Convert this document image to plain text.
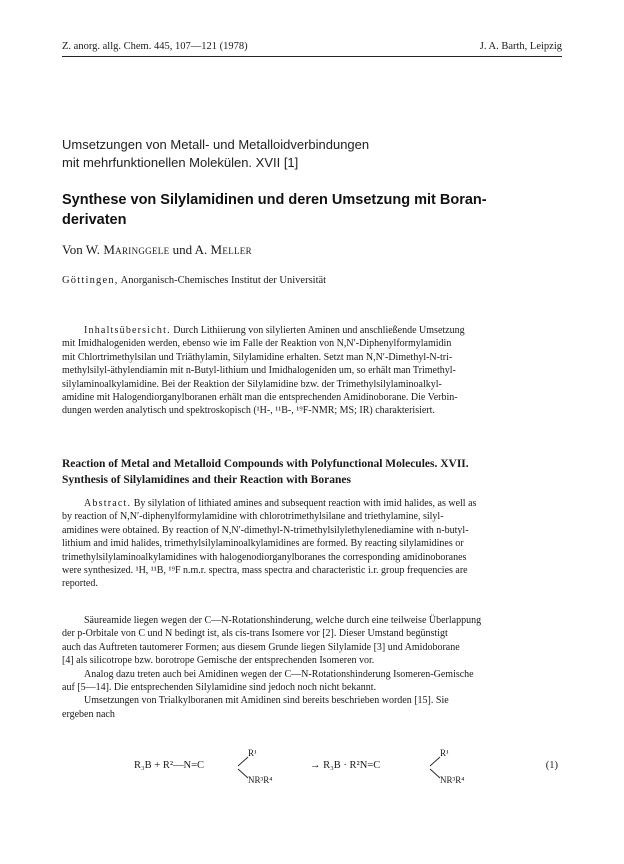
Z. anorg. allg. Chem. 445, 107—121 (1978)	J. A. Barth, Leipzig
Umsetzungen von Metall- und Metalloidverbindungen
mit mehrfunktionellen Molekülen. XVII [1]
Synthese von Silylamidinen und deren Umsetzung mit Boran-
derivaten
Von W. Maringgele und A. Meller
Göttingen, Anorganisch-Chemisches Institut der Universität
Inhaltsübersicht. Durch Lithiierung von silylierten Aminen und anschließende Umsetzung
mit Imidhalogeniden werden, ebenso wie im Falle der Reaktion von N,N′-Diphenylformylamidin
mit Chlortrimethylsilan und Triäthylamin, Silylamidine erhalten. Setzt man N,N′-Dimethyl-N-tri-
methylsilyl-äthylendiamin mit n-Butyl-lithium und Imidhalogeniden um, so erhält man Trimethyl-
silylaminoalkylamidine. Bei der Reaktion der Silylamidine bzw. der Trimethylsilylaminoalkyl-
amidine mit Halogendiorganylboranen erhält man die entsprechenden Amidinoborane. Die Verbin-
dungen werden analytisch und spektroskopisch (¹H-, ¹¹B-, ¹⁹F-NMR; MS; IR) charakterisiert.
Reaction of Metal and Metalloid Compounds with Polyfunctional Molecules. XVII.
Synthesis of Silylamidines and their Reaction with Boranes
Abstract. By silylation of lithiated amines and subsequent reaction with imid halides, as well as
by reaction of N,N′-diphenylformylamidine with chlorotrimethylsilane and triethylamine, silyl-
amidines were obtained. By reaction of N,N′-dimethyl-N-trimethylsilylethylenediamine with n-butyl-
lithium and imid halides, trimethylsilylaminoalkylamidines are formed. By reacting silylamidines or
trimethylsilylaminoalkylamidines with halogenodiorganylboranes the corresponding amidinoboranes
were synthesized. ¹H, ¹¹B, ¹⁹F n.m.r. spectra, mass spectra and characteristic i.r. group frequencies are
reported.
Säureamide liegen wegen der C—N-Rotationshinderung, welche durch eine teilweise Überlappung
der p-Orbitale von C und N bedingt ist, als cis-trans Isomere vor [2]. Dieser Umstand begünstigt
auch das Auftreten tautomerer Formen; aus diesem Grunde liegen Silylamide [3] und Amidoborane
[4] als silicotrope bzw. borotrope Gemische der entsprechenden Isomeren vor.
Analog dazu treten auch bei Amidinen wegen der C—N-Rotationshinderung Isomeren-Gemische
auf [5—14]. Die entsprechenden Silylamidine sind jedoch noch nicht bekannt.
Umsetzungen von Trialkylboranen mit Amidinen sind bereits beschrieben worden [15]. Sie
ergeben nach
R₃B + R²—N=C
R¹
NR³R⁴
→ R₃B · R²N=C
R¹
NR³R⁴
(1)
